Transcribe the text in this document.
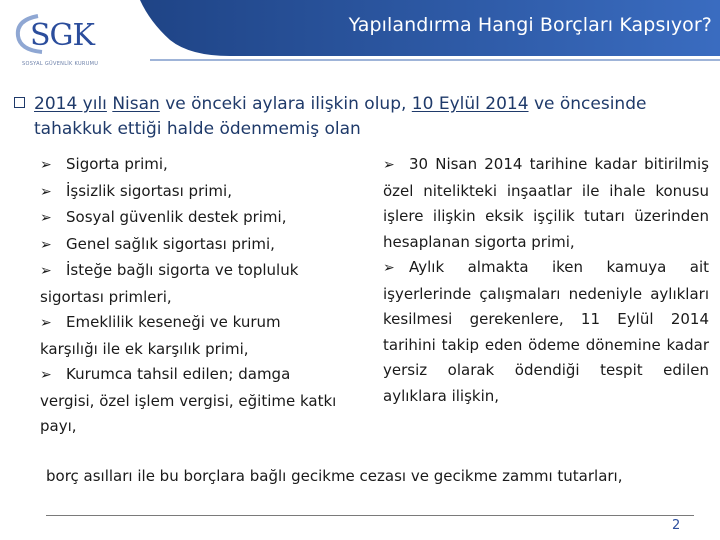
Yapılandırma Hangi Borçları Kapsıyor?
SGK
SOSYAL GÜVENLİK KURUMU
2014 yılı Nisan ve önceki aylara ilişkin olup, 10 Eylül 2014 ve öncesinde tahakkuk ettiği halde ödenmemiş olan

➢ Sigorta primi,

➢ İşsizlik sigortası primi,

➢ Sosyal güvenlik destek primi,

➢ Genel sağlık sigortası primi,

➢ İsteğe bağlı sigorta ve topluluk sigortası primleri,

➢ Emeklilik keseneği ve kurum karşılığı ile ek karşılık primi,

➢ Kurumca tahsil edilen; damga vergisi, özel işlem vergisi, eğitime katkı payı,

➢ 30 Nisan 2014 tarihine kadar bitirilmiş özel nitelikteki inşaatlar ile ihale konusu işlere ilişkin eksik işçilik tutarı üzerinden hesaplanan sigorta primi,

➢ Aylık almakta iken kamuya ait işyerlerinde çalışmaları nedeniyle aylıkları kesilmesi gerekenlere, 11 Eylül 2014 tarihini takip eden ödeme dönemine kadar yersiz olarak ödendiği tespit edilen aylıklara ilişkin,

borç asılları ile bu borçlara bağlı gecikme cezası ve gecikme zammı tutarları,
2
